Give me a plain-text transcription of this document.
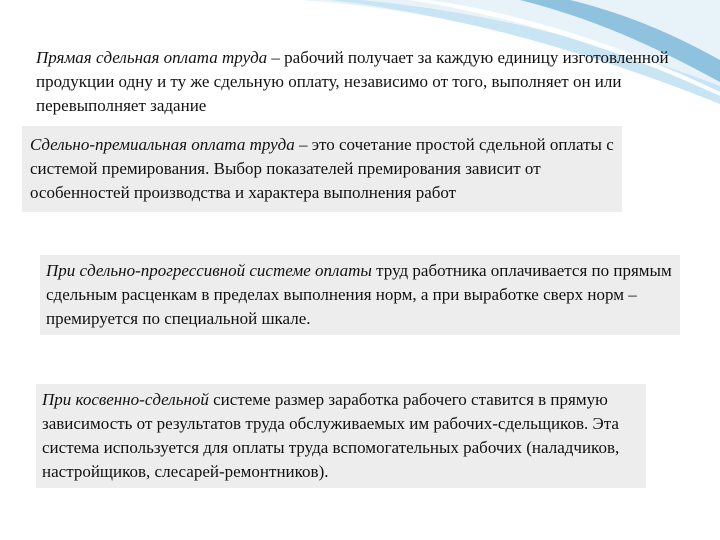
Прямая сдельная оплата труда – рабочий получает за каждую единицу изготовленной продукции одну и ту же сдельную оплату, независимо от того, выполняет он или перевыполняет задание

Сдельно-премиальная оплата труда – это сочетание простой сдельной оплаты с системой премирования. Выбор показателей премирования зависит от особенностей производства и характера выполнения работ

При сдельно-прогрессивной системе оплаты труд работника оплачивается по прямым сдельным расценкам в пределах выполнения норм, а при выработке сверх норм – премируется по специальной шкале.

При косвенно-сдельной системе размер заработка рабочего ставится в прямую зависимость от результатов труда обслуживаемых им рабочих-сдельщиков. Эта система используется для оплаты труда вспомогательных рабочих (наладчиков, настройщиков, слесарей-ремонтников).
